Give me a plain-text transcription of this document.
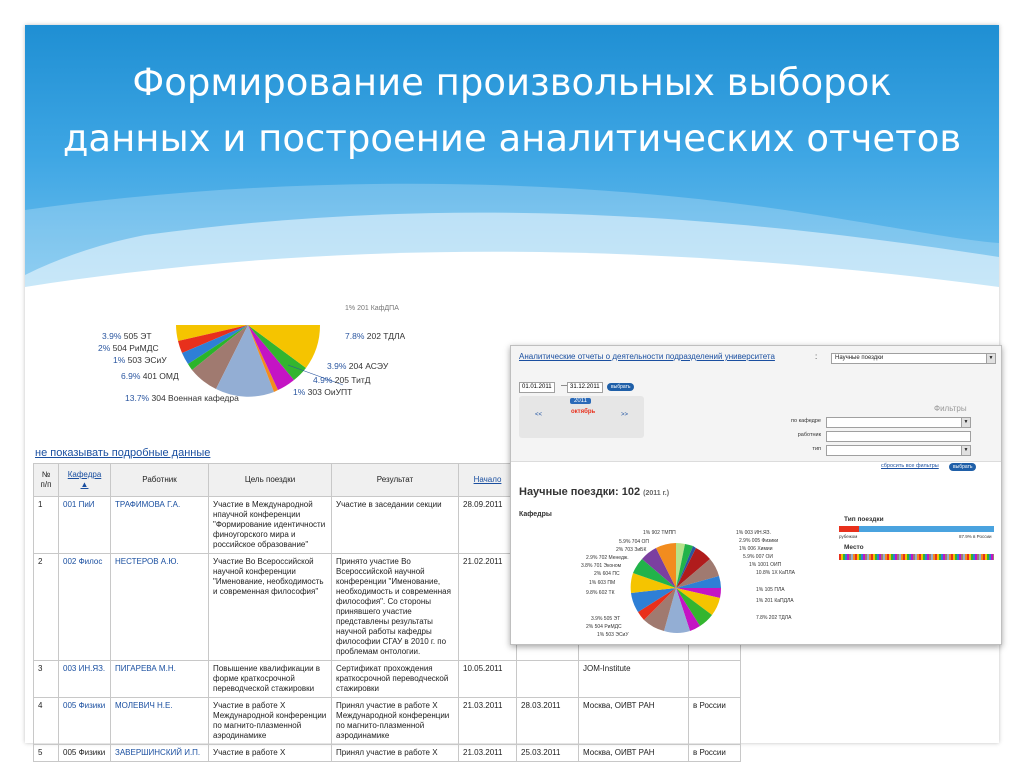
Формирование произвольных выборок
данных и построение аналитических отчетов
1% 201 КафДПА
7.8% 202 ТДЛА
3.9% 505 ЭТ
2% 504 РиМДС
1% 503 ЭСиУ
6.9% 401 ОМД
13.7% 304 Военная кафедра
3.9% 204 АСЭУ
4.9% 205 ТитД
1% 303 ОиУПТ
не показывать подробные данные
№ п/п	Кафедра ▲	Работник	Цель поездки	Результат	Начало			
1	001 ПиИ	ТРАФИМОВА Г.А.	Участие в Международной нпаучной конференции "Формирование идентичности финоугорского мира и российское образование"	Участие в заседании секции	28.09.2011			
2	002 Филос	НЕСТЕРОВ А.Ю.	Участие Во Всероссийской научной конференции "Именование, необходимость и современная философия"	Принято участие Во Всероссийской научной конференции "Именование, необходимость и современная философия". Со стороны принявшего участие представлены результаты научной работы кафедры философии СГАУ в 2010 г. по проблемам онтологии.	21.02.2011			
3	003 ИН.ЯЗ.	ПИГАРЕВА М.Н.	Повышение квалификации в форме краткосрочной переводческой стажировки	Сертификат прохождения краткосрочной переводческой стажировки	10.05.2011		JOM-Institute	
4	005 Физики	МОЛЕВИЧ Н.Е.	Участие в работе X Международной конференции по магнито-плазменной аэродинамике	Принял участие в работе X Международной конференции по магнито-плазменной аэродинамике	21.03.2011	28.03.2011	Москва, ОИВТ РАН	в России
5	005 Физики	ЗАВЕРШИНСКИЙ И.П.	Участие в работе X	Принял участие в работе X	21.03.2011	25.03.2011	Москва, ОИВТ РАН	в России
Аналитические отчеты о деятельности подразделений университета	:	Научные поездки	▼
01.01.2011	— 31.12.2011	выбрать
2011
<<	октябрь	>>
Фильтры
по кафедре	▼
работник
тип	▼
сбросить все фильтры	выбрать
Научные поездки: 102 (2011 г.)
Кафедры
1% 902 ТМПП
5.9% 704 ОП
2% 703 ЗиБК
2.9% 702 Менедж.
3.8% 701 Эконом
2% 604 ПС
1% 603 ПМ
9.8% 602 ТК
3.9% 505 ЭТ
2% 504 РиМДС
1% 503 ЭСиУ
1% 003 ИН.ЯЗ.
2.9% 005 Физики
1% 006 Химии
5.9% 007 ОИ
1% 1001 ОИП
10.8% 1Х КаПЛА
1% 105 ПЛА
1% 201 КаПДЛА
7.8% 202 ТДЛА
Тип поездки
рубежом	87.9% в России
Место
